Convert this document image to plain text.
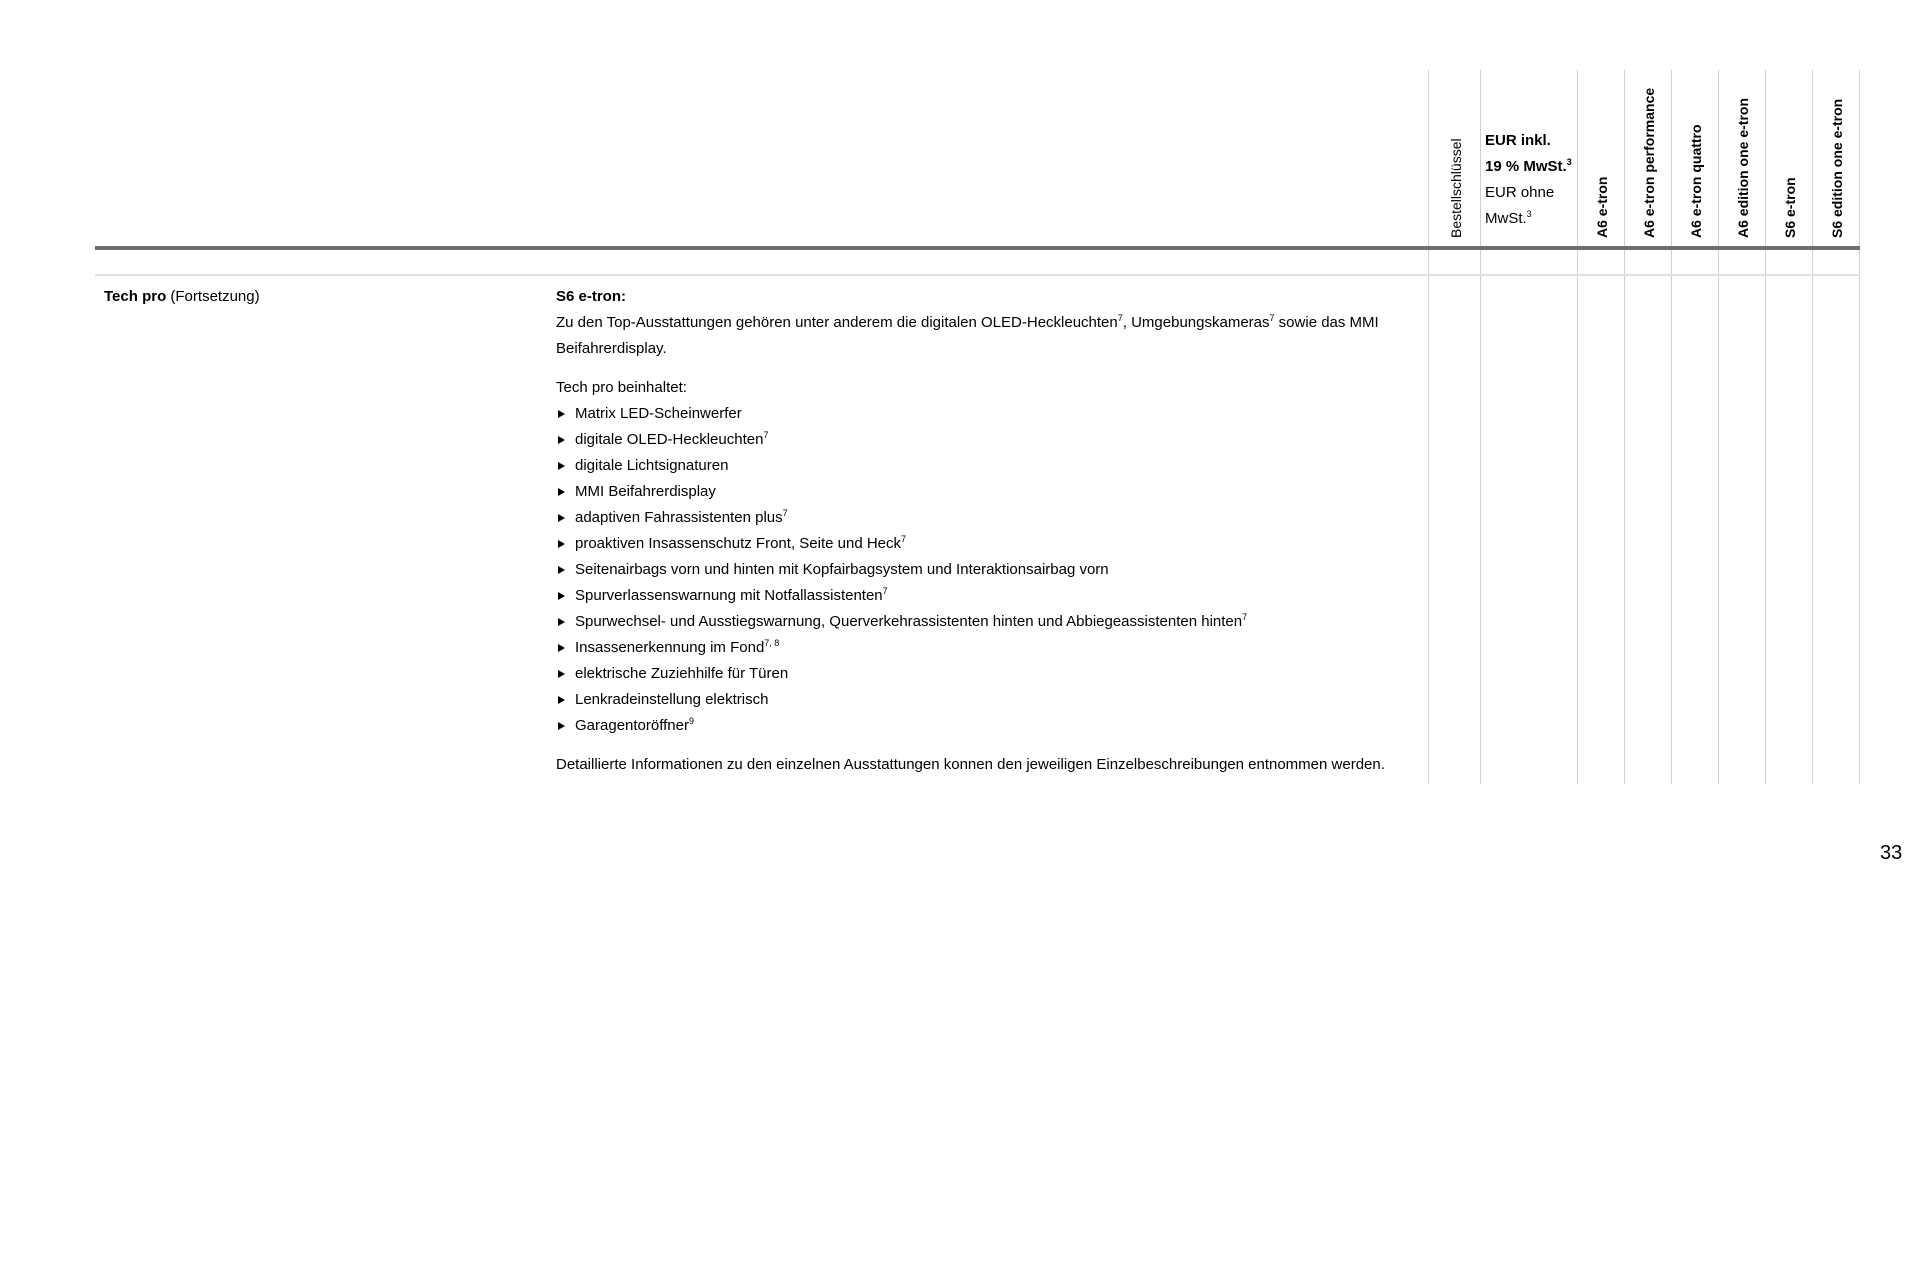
Bestellschlüssel EUR inkl.
19 % MwSt.$^3$
EUR ohne
MwSt.$^3$	A6 e-tron A6 e-tron performance A6 e-tron quattro A6 edition one e-tron S6 e-tron S6 edition one e-tron
Tech pro (Fortsetzung)	S6 e-tron:

Zu den Top-Ausstattungen gehören unter anderem die digitalen OLED-Heckleuchten$^7$, Umgebungskameras$^7$ sowie das MMI Beifahrerdisplay.

Tech pro beinhaltet:

Matrix LED-Scheinwerfer
digitale OLED-Heckleuchten$^7$
digitale Lichtsignaturen
MMI Beifahrerdisplay
adaptiven Fahrassistenten plus$^7$
proaktiven Insassenschutz Front, Seite und Heck$^7$
Seitenairbags vorn und hinten mit Kopfairbagsystem und Interaktionsairbag vorn
Spurverlassenswarnung mit Notfallassistenten$^7$
Spurwechsel- und Ausstiegswarnung, Querverkehrassistenten hinten und Abbiegeassistenten hinten$^7$
Insassenerkennung im Fond$^{7, 8}$
elektrische Zuziehhilfe für Türen
Lenkradeinstellung elektrisch
Garagentoröffner$^9$

Detaillierte Informationen zu den einzelnen Ausstattungen konnen den jeweiligen Einzelbeschreibungen entnommen werden.

33
